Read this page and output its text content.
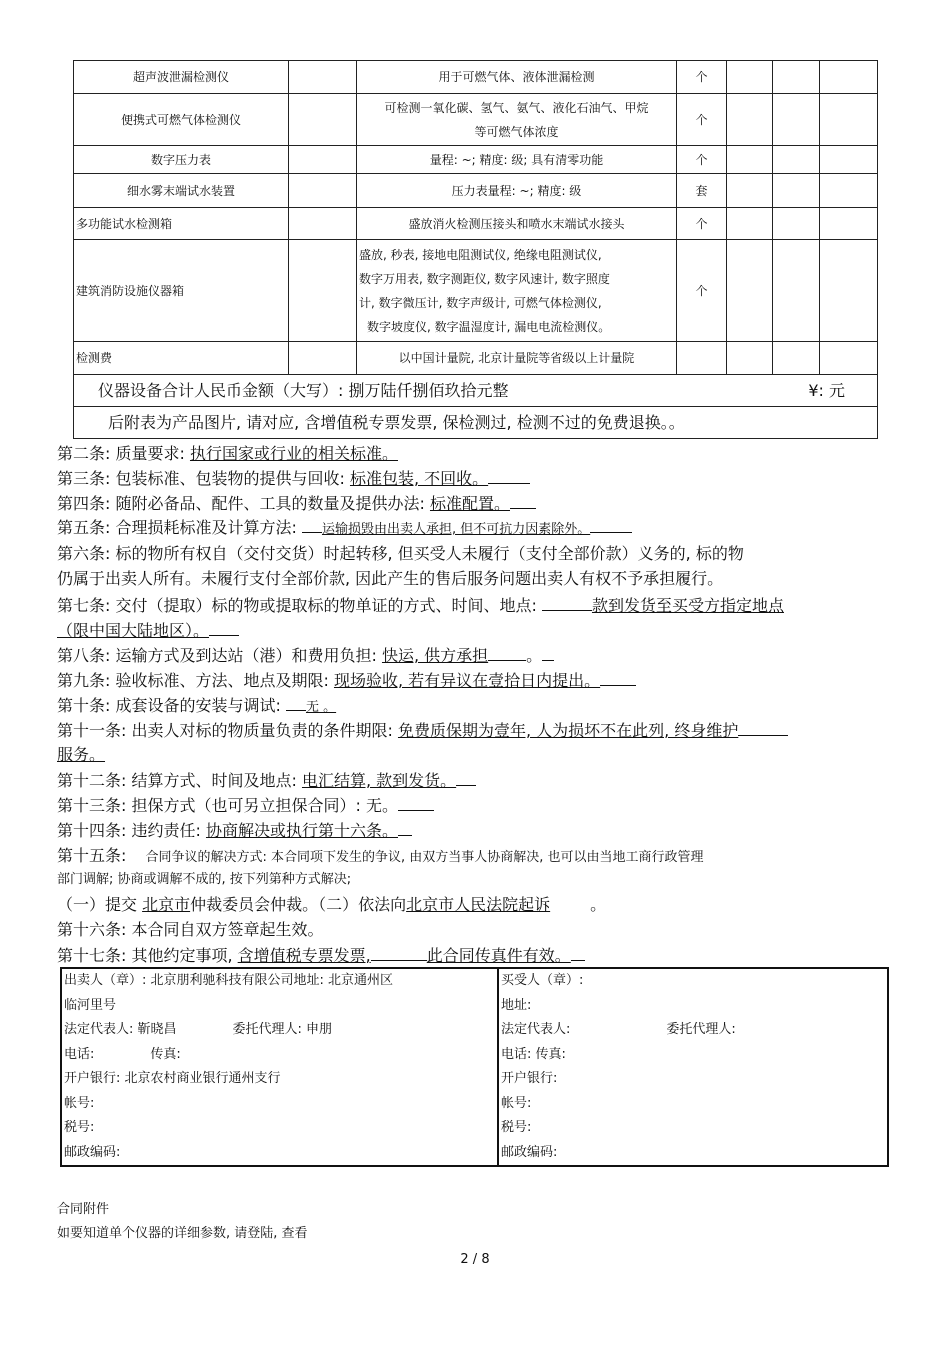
超声波泄漏检测仪		用于可燃气体、液体泄漏检测	个			
便携式可燃气体检测仪		可检测一氧化碳、氢气、氨气、液化石油气、甲烷
等可燃气体浓度	个			
数字压力表		量程: ~; 精度: 级; 具有清零功能	个			
细水雾末端试水装置		压力表量程: ~; 精度: 级	套			
多功能试水检测箱		盛放消火检测压接头和喷水末端试水接头	个			
建筑消防设施仪器箱		盛放, 秒表, 接地电阻测试仪, 绝缘电阻测试仪,
数字万用表, 数字测距仪, 数字风速计, 数字照度
计, 数字微压计, 数字声级计, 可燃气体检测仪,
数字坡度仪, 数字温湿度计, 漏电电流检测仪。	个			
检测费		以中国计量院, 北京计量院等省级以上计量院				
仪器设备合计人民币金额（大写）: 捌万陆仟捌佰玖拾元整 ¥: 元						

后附表为产品图片, 请对应, 含增值税专票发票, 保检测过, 检测不过的免费退换。。						
第二条: 质量要求: 执行国家或行业的相关标准。
第三条: 包装标准、包装物的提供与回收: 标准包装, 不回收。
第四条: 随附必备品、配件、工具的数量及提供办法: 标准配置。
第五条: 合理损耗标准及计算方法: 运输损毁由出卖人承担, 但不可抗力因素除外。
第六条: 标的物所有权自（交付交货）时起转移, 但买受人未履行（支付全部价款）义务的, 标的物
仍属于出卖人所有。未履行支付全部价款, 因此产生的售后服务问题出卖人有权不予承担履行。
第七条: 交付（提取）标的物或提取标的物单证的方式、时间、地点:	款到发货至买受方指定地点
（限中国大陆地区）。
第八条: 运输方式及到达站（港）和费用负担: 快运, 供方承担 。
第九条: 验收标准、方法、地点及期限: 现场验收, 若有异议在壹拾日内提出。
第十条: 成套设备的安装与调试: 无 。
第十一条: 出卖人对标的物质量负责的条件期限: 免费质保期为壹年, 人为损坏不在此列, 终身维护
服务。
第十二条: 结算方式、时间及地点: 电汇结算, 款到发货。
第十三条: 担保方式（也可另立担保合同）: 无。
第十四条: 违约责任: 协商解决或执行第十六条。
第十五条: 合同争议的解决方式: 本合同项下发生的争议, 由双方当事人协商解决, 也可以由当地工商行政管理
部门调解; 协商或调解不成的, 按下列第种方式解决;
（一）提交 北京市仲裁委员会仲裁。（二）依法向北京市人民法院起诉	。
第十六条: 本合同自双方签章起生效。
第十七条: 其他约定事项, 含增值税专票发票,	此合同传真件有效。
出卖人（章）: 北京朋利驰科技有限公司地址: 北京通州区
临河里号
法定代表人: 靳晓昌	委托代理人: 申朋
电话:	传真:
开户银行: 北京农村商业银行通州支行
帐号:
税号:
邮政编码:

买受人（章）:
地址:
法定代表人:	委托代理人:
电话: 传真:
开户银行:
帐号:
税号:
邮政编码:
合同附件
如要知道单个仪器的详细参数, 请登陆, 查看
2 / 8
